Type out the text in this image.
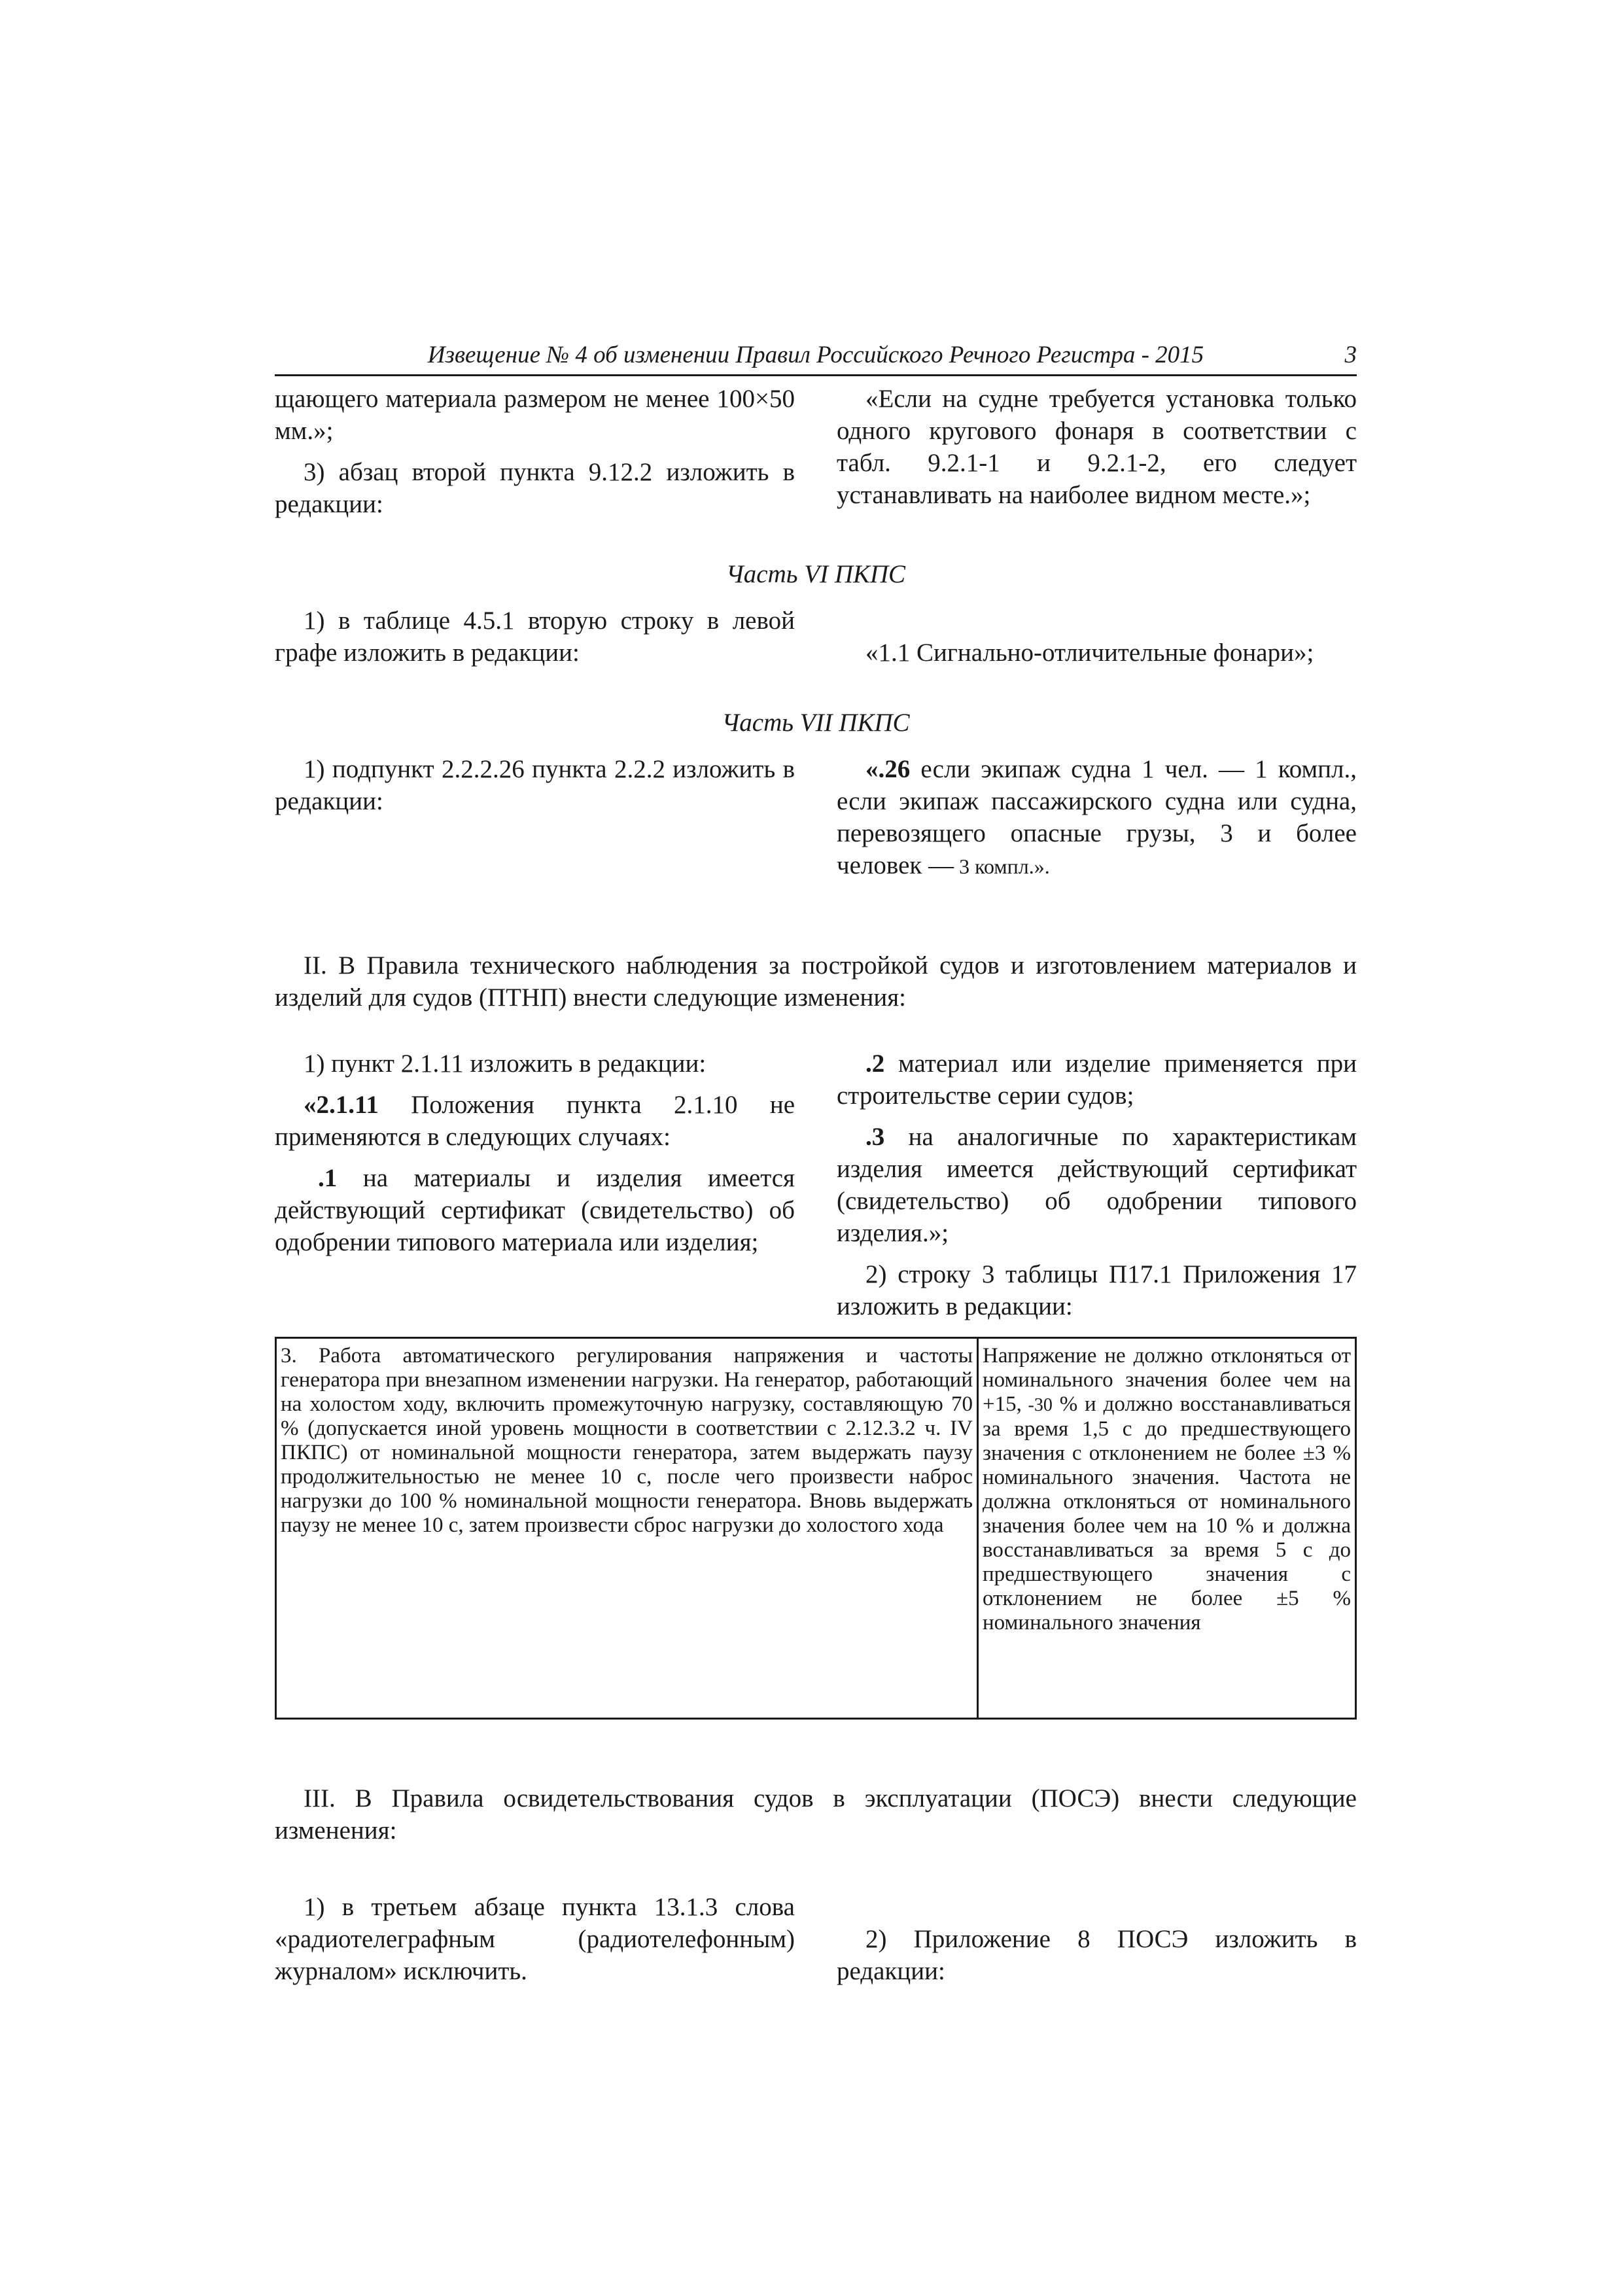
Извещение № 4 об изменении Правил Российского Речного Регистра - 2015	3

щающего материала размером не менее 100×50 мм.»;

3) абзац второй пункта 9.12.2 изложить в редакции:

«Если на судне требуется установка только одного кругового фонаря в соответствии с табл. 9.2.1-1 и 9.2.1-2, его следует устанавливать на наиболее видном месте.»;

Часть VI ПКПС

1) в таблице 4.5.1 вторую строку в левой графе изложить в редакции:	«1.1 Сигнально-отличительные фонари»;

Часть VII ПКПС

1) подпункт 2.2.2.26 пункта 2.2.2 изложить в редакции:

«.26 если экипаж судна 1 чел. — 1 компл., если экипаж пассажирского судна или судна, перевозящего опасные грузы, 3 и более человек — 3 компл.».

II. В Правила технического наблюдения за постройкой судов и изготовлением материалов и изделий для судов (ПТНП) внести следующие изменения:

1) пункт 2.1.11 изложить в редакции:

«2.1.11 Положения пункта 2.1.10 не применяются в следующих случаях:

.1 на материалы и изделия имеется действующий сертификат (свидетельство) об одобрении типового материала или изделия;

.2 материал или изделие применяется при строительстве серии судов;

.3 на аналогичные по характеристикам изделия имеется действующий сертификат (свидетельство) об одобрении типового изделия.»;

2) строку 3 таблицы П17.1 Приложения 17 изложить в редакции:

3. Работа автоматического регулирования напряжения и частоты генератора при внезапном изменении нагрузки. На генератор, работающий на холостом ходу, включить промежуточную нагрузку, составляющую 70 % (допускается иной уровень мощности в соответствии с 2.12.3.2 ч. IV ПКПС) от номинальной мощности генератора, затем выдержать паузу продолжительностью не менее 10 с, после чего произвести наброс нагрузки до 100 % номинальной мощности генератора. Вновь выдержать паузу не менее 10 с, затем произвести сброс нагрузки до холостого хода	Напряжение не должно отклоняться от номинального значения более чем на +15, -30 % и должно восстанавливаться за время 1,5 с до предшествующего значения с отклонением не более ±3 % номинального значения. Частота не должна отклоняться от номинального значения более чем на 10 % и должна восстанавливаться за время 5 с до предшествующего значения с отклонением не более ±5 % номинального значения

III. В Правила освидетельствования судов в эксплуатации (ПОСЭ) внести следующие изменения:

1) в третьем абзаце пункта 13.1.3 слова «радиотелеграфным (радиотелефонным) журналом» исключить.

2) Приложение 8 ПОСЭ изложить в редакции:
